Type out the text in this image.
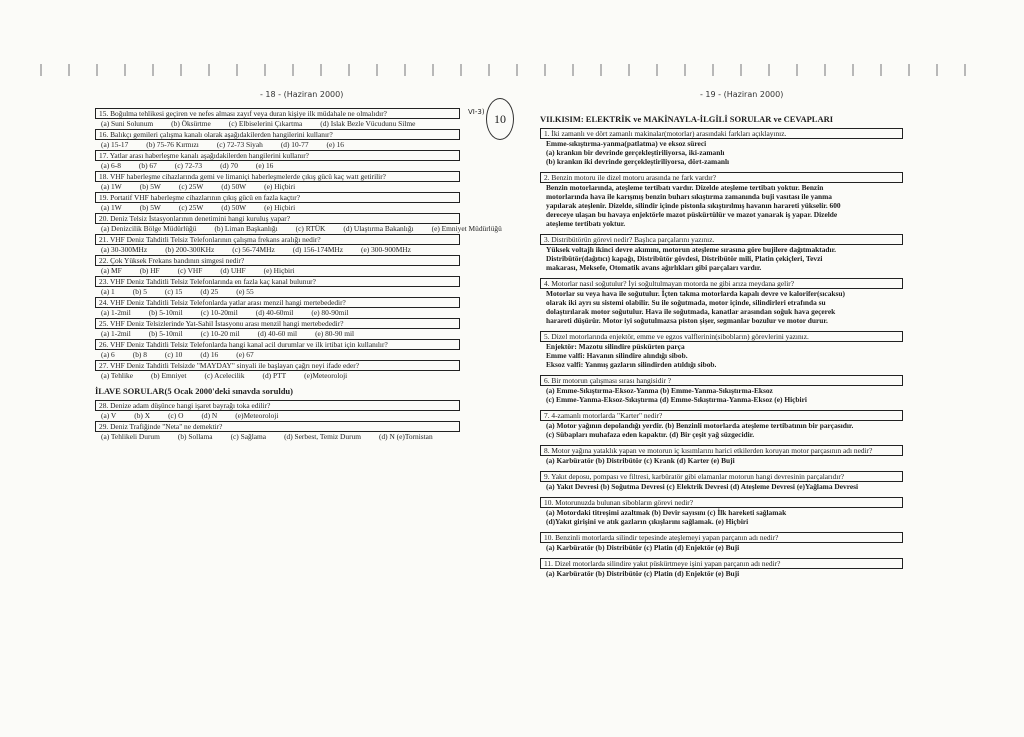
- 18 - (Haziran 2000)	- 19 - (Haziran 2000)
VI-3) 10
15. Boğulma tehlikesi geçiren ve nefes alması zayıf veya duran kişiye ilk müdahale ne olmalıdır?
(a) Suni Solunum (b) Öksürtme (c) Elbiselerini Çıkartma (d) Islak Bezle Vücudunu Silme
16. Balıkçı gemileri çalışma kanalı olarak aşağıdakilerden hangilerini kullanır?
(a) 15-17 (b) 75-76 Kırmızı (c) 72-73 Siyah (d) 10-77 (e) 16
17. Yatlar arası haberleşme kanalı aşağıdakilerden hangilerini kullanır?
(a) 6-8 (b) 67 (c) 72-73 (d) 70 (e) 16
18. VHF haberleşme cihazlarında gemi ve limaniçi haberleşmelerde çıkış gücü kaç watt getirilir?
(a) 1W (b) 5W (c) 25W (d) 50W (e) Hiçbiri
19. Portatif VHF haberleşme cihazlarının çıkış gücü en fazla kaçtır?
(a) 1W (b) 5W (c) 25W (d) 50W (e) Hiçbiri
20. Deniz Telsiz İstasyonlarının denetimini hangi kuruluş yapar?
(a) Denizcilik Bölge Müdürlüğü (b) Liman Başkanlığı (c) RTÜK (d) Ulaştırma Bakanlığı (e) Emniyet Müdürlüğü
21. VHF Deniz Tahditli Telsiz Telefonlarının çalışma frekans aralığı nedir?
(a) 30-300MHz (b) 200-300KHz (c) 56-74MHz (d) 156-174MHz (e) 300-900MHz
22. Çok Yüksek Frekans bandının simgesi nedir?
(a) MF (b) HF (c) VHF (d) UHF (e) Hiçbiri
23. VHF Deniz Tahditli Telsiz Telefonlarında en fazla kaç kanal bulunur?
(a) 1 (b) 5 (c) 15 (d) 25 (e) 55
24. VHF Deniz Tahditli Telsiz Telefonlarda yatlar arası menzil hangi mertebededir?
(a) 1-2mil (b) 5-10mil (c) 10-20mil (d) 40-60mil (e) 80-90mil
25. VHF Deniz Telsizlerinde Yat-Sahil İstasyonu arası menzil hangi mertebededir?
(a) 1-2mil (b) 5-10mil (c) 10-20 mil (d) 40-60 mil (e) 80-90 mil
26. VHF Deniz Tahditli Telsiz Telefonlarda hangi kanal acil durumlar ve ilk irtibat için kullanılır?
(a) 6 (b) 8 (c) 10 (d) 16 (e) 67
27. VHF Deniz Tahditli Telsizde "MAYDAY" sinyali ile başlayan çağrı neyi ifade eder?
(a) Tehlike (b) Emniyet (c) Acelecilik (d) PTT (e)Meteoroloji
İLAVE SORULAR(5 Ocak 2000'deki sınavda soruldu)
28. Denize adam düşünce hangi işaret bayrağı toka edilir?
(a) V (b) X (c) O (d) N (e)Meteoroloji
29. Deniz Trafiğinde "Neta" ne demektir?
(a) Tehlikeli Durum (b) Sollama (c) Sağlama (d) Serbest, Temiz Durum (d) N (e)Tornistan
VII.KISIM: ELEKTRİK ve MAKİNAYLA-İLGİLİ SORULAR ve CEVAPLARI
1. İki zamanlı ve dört zamanlı makinalar(motorlar) arasındaki farkları açıklayınız.
Emme-sıkıştırma-yanma(patlatma) ve eksoz süreci
(a) krankın bir devrinde gerçekleştiriliyorsa, iki-zamanlı
(b) krankın iki devrinde gerçekleştiriliyorsa, dört-zamanlı
2. Benzin motoru ile dizel motoru arasında ne fark vardır?
Benzin motorlarında, ateşleme tertibatı vardır. Dizelde ateşleme tertibatı yoktur. Benzin
motorlarında hava ile karışmış benzin buharı sıkıştırma zamanında buji vasıtası ile yanma
yapılarak ateşlenir. Dizelde, silindir içinde pistonla sıkıştırılmış havanın harareti yükselir. 600
dereceye ulaşan bu havaya enjektörle mazot püskürtülür ve mazot yanarak iş yapar. Dizelde
ateşleme tertibatı yoktur.
3. Distribütörün görevi nedir? Başlıca parçalarını yazınız.
Yüksek voltajlı ikinci devre akımını, motorun ateşleme sırasına göre bujilere dağıtmaktadır.
Distribütör(dağıtıcı) kapağı, Distribütör gövdesi, Distribütör mili, Platin çekiçleri, Tevzi
makarası, Meksefe, Otomatik avans ağırlıkları gibi parçaları vardır.
4. Motorlar nasıl soğutulur? İyi soğultulmayan motorda ne gibi arıza meydana gelir?
Motorlar su veya hava ile soğutulur. İçten takma motorlarda kapalı devre ve kalorifer(sıcaksu)
olarak iki ayrı su sistemi olabilir. Su ile soğutmada, motor içinde, silindirleri etrafında su
dolaştırılarak motor soğutulur. Hava ile soğutmada, kanatlar arasından soğuk hava geçerek
harareti düşürür. Motor iyi soğutulmazsa piston şişer, segmanlar bozulur ve motor durur.
5. Dizel motorlarında enjektör, emme ve egzos valflerinin(sibobların) görevlerini yazınız.
Enjektör: Mazotu silindire püskürten parça
Emme valfi: Havanın silindire alındığı sibob.
Eksoz valfi: Yanmış gazların silindirden atıldığı sibob.
6. Bir motorun çalışması sırası hangisidir ?
(a) Emme-Sıkıştırma-Eksoz-Yanma (b) Emme-Yanma-Sıkıştırma-Eksoz
(c) Emme-Yanma-Eksoz-Sıkıştırma (d) Emme-Sıkıştırma-Yanma-Eksoz (e) Hiçbiri
7. 4-zamanlı motorlarda "Karter" nedir?
(a) Motor yağının depolandığı yerdir. (b) Benzinli motorlarda ateşleme tertibatının bir parçasıdır.
(c) Sübapları muhafaza eden kapaktır. (d) Bir çeşit yağ süzgecidir.
8. Motor yağına yataklık yapan ve motorun iç kısımlarını harici etkilerden koruyan motor parçasının adı nedir?
(a) Karbüratör (b) Distribütör (c) Krank (d) Karter (e) Buji
9. Yakıt deposu, pompası ve filtresi, karbüratör gibi elamanlar motorun hangi devresinin parçalarıdır?
(a) Yakıt Devresi (b) Soğutma Devresi (c) Elektrik Devresi (d) Ateşleme Devresi (e)Yağlama Devresi
10. Motorunuzda bulunan sibobların görevi nedir?
(a) Motordaki titreşimi azaltmak (b) Devir sayısını (c) İlk hareketi sağlamak
(d)Yakıt girişini ve atık gazların çıkışlarını sağlamak. (e) Hiçbiri
10. Benzinli motorlarda silindir tepesinde ateşlemeyi yapan parçanın adı nedir?
(a) Karbüratör (b) Distribütör (c) Platin (d) Enjektör (e) Buji
11. Dizel motorlarda silindire yakıt püskürtmeye işini yapan parçanın adı nedir?
(a) Karbüratör (b) Distribütör (c) Platin (d) Enjektör (e) Buji
